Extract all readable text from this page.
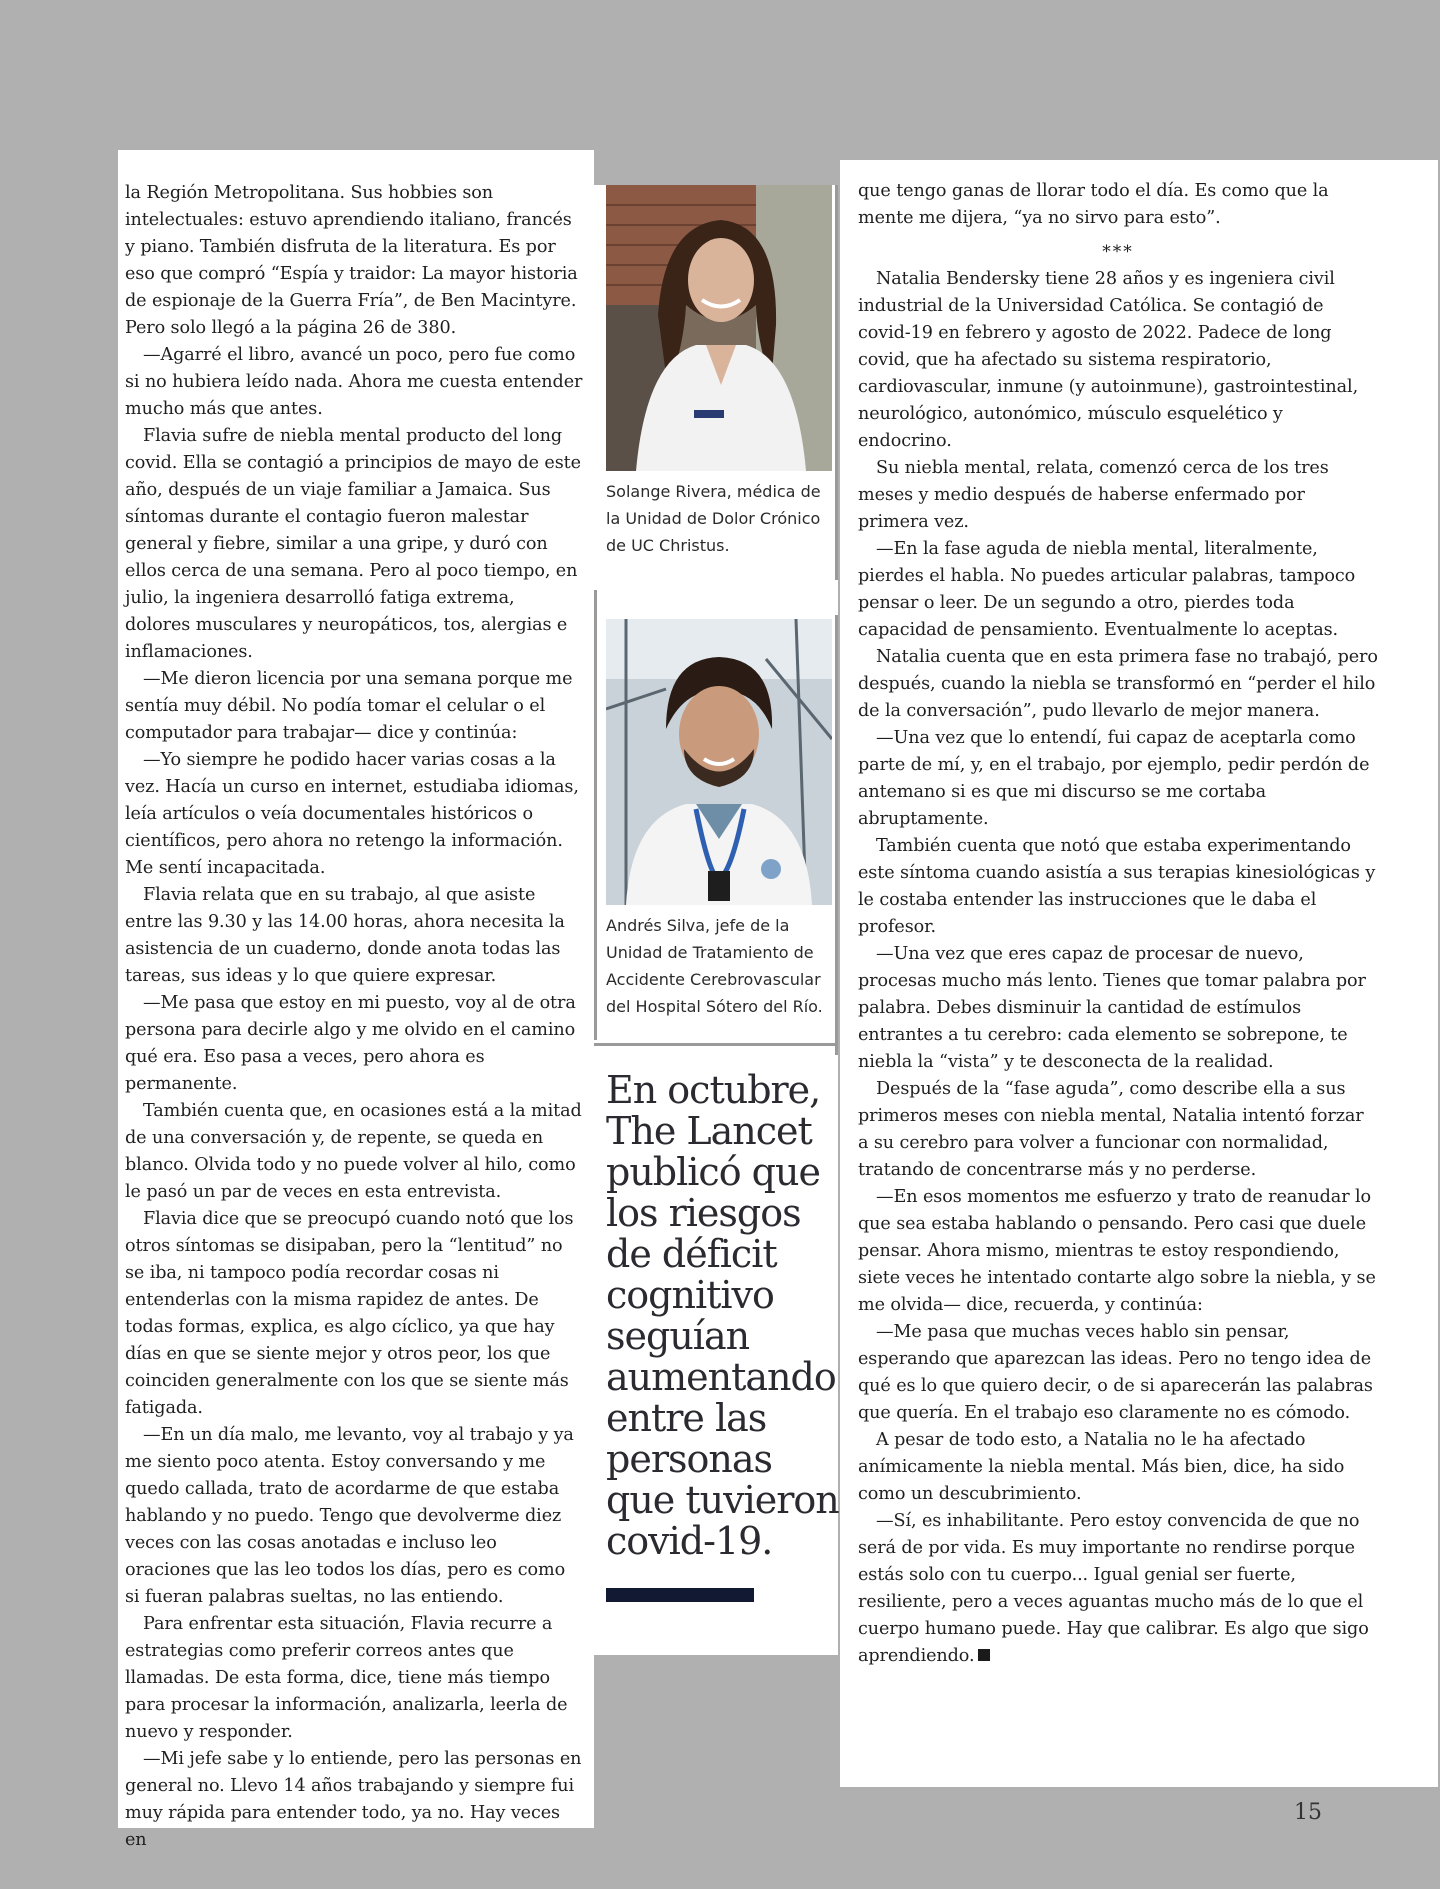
la Región Metropolitana. Sus hobbies son intelectuales: estuvo aprendiendo italiano, francés y piano. También disfruta de la literatura. Es por eso que compró “Espía y traidor: La mayor historia de espionaje de la Guerra Fría”, de Ben Macintyre. Pero solo llegó a la página 26 de 380.

—Agarré el libro, avancé un poco, pero fue como si no hubiera leído nada. Ahora me cuesta entender mucho más que antes.

Flavia sufre de niebla mental producto del long covid. Ella se contagió a principios de mayo de este año, después de un viaje familiar a Jamaica. Sus síntomas durante el contagio fueron malestar general y fiebre, similar a una gripe, y duró con ellos cerca de una semana. Pero al poco tiempo, en julio, la ingeniera desarrolló fatiga extrema, dolores musculares y neuropáticos, tos, alergias e inflamaciones.

—Me dieron licencia por una semana porque me sentía muy débil. No podía tomar el celular o el computador para trabajar— dice y continúa:

—Yo siempre he podido hacer varias cosas a la vez. Hacía un curso en internet, estudiaba idiomas, leía artículos o veía documentales históricos o científicos, pero ahora no retengo la información. Me sentí incapacitada.

Flavia relata que en su trabajo, al que asiste entre las 9.30 y las 14.00 horas, ahora necesita la asistencia de un cuaderno, donde anota todas las tareas, sus ideas y lo que quiere expresar.

—Me pasa que estoy en mi puesto, voy al de otra persona para decirle algo y me olvido en el camino qué era. Eso pasa a veces, pero ahora es permanente.

También cuenta que, en ocasiones está a la mitad de una conversación y, de repente, se queda en blanco. Olvida todo y no puede volver al hilo, como le pasó un par de veces en esta entrevista.

Flavia dice que se preocupó cuando notó que los otros síntomas se disipaban, pero la “lentitud” no se iba, ni tampoco podía recordar cosas ni entenderlas con la misma rapidez de antes. De todas formas, explica, es algo cíclico, ya que hay días en que se siente mejor y otros peor, los que coinciden generalmente con los que se siente más fatigada.

—En un día malo, me levanto, voy al trabajo y ya me siento poco atenta. Estoy conversando y me quedo callada, trato de acordarme de que estaba hablando y no puedo. Tengo que devolverme diez veces con las cosas anotadas e incluso leo oraciones que las leo todos los días, pero es como si fueran palabras sueltas, no las entiendo.

Para enfrentar esta situación, Flavia recurre a estrategias como preferir correos antes que llamadas. De esta forma, dice, tiene más tiempo para procesar la información, analizarla, leerla de nuevo y responder.

—Mi jefe sabe y lo entiende, pero las personas en general no. Llevo 14 años trabajando y siempre fui muy rápida para entender todo, ya no. Hay veces en

Solange Rivera, médica de la Unidad de Dolor Crónico de UC Christus.
Andrés Silva, jefe de la Unidad de Tratamiento de Accidente Cerebrovascular del Hospital Sótero del Río.
En octubre, The Lancet publicó que los riesgos de déficit cognitivo seguían aumentando entre las personas que tuvieron covid-19.

que tengo ganas de llorar todo el día. Es como que la mente me dijera, “ya no sirvo para esto”.

***

Natalia Bendersky tiene 28 años y es ingeniera civil industrial de la Universidad Católica. Se contagió de covid-19 en febrero y agosto de 2022. Padece de long covid, que ha afectado su sistema respiratorio, cardiovascular, inmune (y autoinmune), gastrointestinal, neurológico, autonómico, músculo esquelético y endocrino.

Su niebla mental, relata, comenzó cerca de los tres meses y medio después de haberse enfermado por primera vez.

—En la fase aguda de niebla mental, literalmente, pierdes el habla. No puedes articular palabras, tampoco pensar o leer. De un segundo a otro, pierdes toda capacidad de pensamiento. Eventualmente lo aceptas.

Natalia cuenta que en esta primera fase no trabajó, pero después, cuando la niebla se transformó en “perder el hilo de la conversación”, pudo llevarlo de mejor manera.

—Una vez que lo entendí, fui capaz de aceptarla como parte de mí, y, en el trabajo, por ejemplo, pedir perdón de antemano si es que mi discurso se me cortaba abruptamente.

También cuenta que notó que estaba experimentando este síntoma cuando asistía a sus terapias kinesiológicas y le costaba entender las instrucciones que le daba el profesor.

—Una vez que eres capaz de procesar de nuevo, procesas mucho más lento. Tienes que tomar palabra por palabra. Debes disminuir la cantidad de estímulos entrantes a tu cerebro: cada elemento se sobrepone, te niebla la “vista” y te desconecta de la realidad.

Después de la “fase aguda”, como describe ella a sus primeros meses con niebla mental, Natalia intentó forzar a su cerebro para volver a funcionar con normalidad, tratando de concentrarse más y no perderse.

—En esos momentos me esfuerzo y trato de reanudar lo que sea estaba hablando o pensando. Pero casi que duele pensar. Ahora mismo, mientras te estoy respondiendo, siete veces he intentado contarte algo sobre la niebla, y se me olvida— dice, recuerda, y continúa:

—Me pasa que muchas veces hablo sin pensar, esperando que aparezcan las ideas. Pero no tengo idea de qué es lo que quiero decir, o de si aparecerán las palabras que quería. En el trabajo eso claramente no es cómodo.

A pesar de todo esto, a Natalia no le ha afectado anímicamente la niebla mental. Más bien, dice, ha sido como un descubrimiento.

—Sí, es inhabilitante. Pero estoy convencida de que no será de por vida. Es muy importante no rendirse porque estás solo con tu cuerpo... Igual genial ser fuerte, resiliente, pero a veces aguantas mucho más de lo que el cuerpo humano puede. Hay que calibrar. Es algo que sigo aprendiendo.

15
